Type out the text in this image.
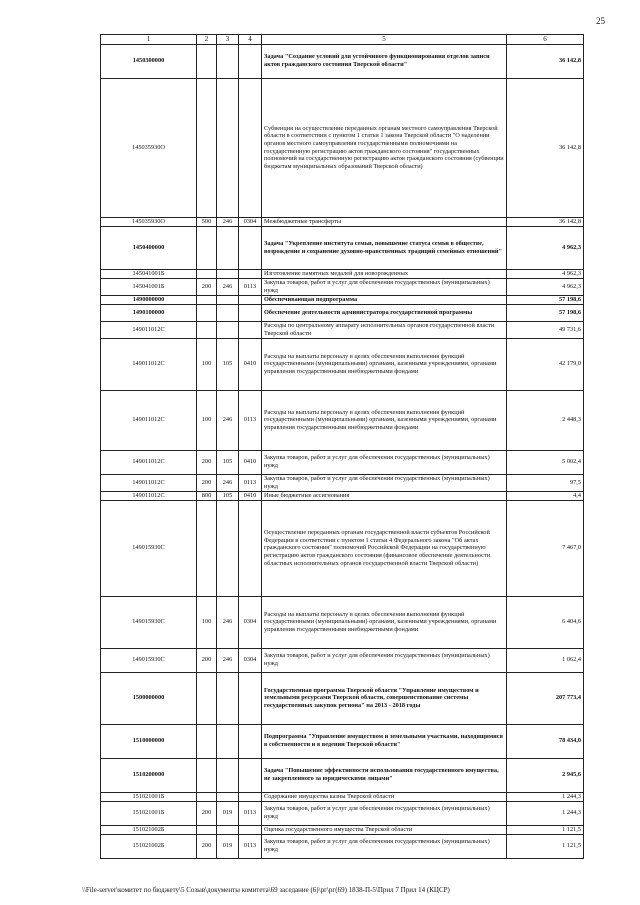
25
1	2	3	4	5	6
1450300000				Задача "Создание условий для устойчивого функционирования отделов записи актов гражданского состояния Тверской области"	36 142,8
145035930О				Субвенция на осуществление переданных органам местного самоуправления Тверской области в соответствии с пунктом 1 статьи 1 закона Тверской области "О наделении органов местного самоуправления государственными полномочиями на государственную регистрацию актов гражданского состояния" государственных полномочий на государственную регистрацию актов гражданского состояния (субвенции бюджетам муниципальных образований Тверской области)	36 142,8
145035930О	500	246	0304	Межбюджетные трансферты	36 142,8
1450400000				Задача "Укрепление института семьи, повышение статуса семьи в обществе, возрождение и сохранение духовно-нравственных традиций семейных отношений"	4 962,3
145041001Б				Изготовление памятных медалей для новорожденных	4 962,3
145041001Б	200	246	0113	Закупка товаров, работ и услуг для обеспечения государственных (муниципальных) нужд	4 962,3
1490000000				Обеспечивающая подпрограмма	57 198,6
1490100000				Обеспечение деятельности администратора государственной программы	57 198,6
149011012С				Расходы по центральному аппарату исполнительных органов государственной власти Тверской области	49 731,6
149011012С	100	105	0410	Расходы на выплаты персоналу в целях обеспечения выполнения функций государственными (муниципальными) органами, казенными учреждениями, органами управления государственными внебюджетными фондами	42 179,0
149011012С	100	246	0113	Расходы на выплаты персоналу в целях обеспечения выполнения функций государственными (муниципальными) органами, казенными учреждениями, органами управления государственными внебюджетными фондами	2 448,3
149011012С	200	105	0410	Закупка товаров, работ и услуг для обеспечения государственных (муниципальных) нужд	5 002,4
149011012С	200	246	0113	Закупка товаров, работ и услуг для обеспечения государственных (муниципальных) нужд	97,5
149011012С	800	105	0410	Иные бюджетные ассигнования	4,4
149015930С				Осуществление переданных органам государственной власти субъектов Российской Федерации в соответствии с пунктом 1 статьи 4 Федерального закона "Об актах гражданского состояния" полномочий Российской Федерации на государственную регистрацию актов гражданского состояния (финансовое обеспечение деятельности областных исполнительных органов государственной власти Тверской области)	7 467,0
149015930С	100	246	0304	Расходы на выплаты персоналу в целях обеспечения выполнения функций государственными (муниципальными) органами, казенными учреждениями, органами управления государственными внебюджетными фондами	6 404,6
149015930С	200	246	0304	Закупка товаров, работ и услуг для обеспечения государственных (муниципальных) нужд	1 062,4
1500000000				Государственная программа Тверской области "Управление имуществом и земельными ресурсами Тверской области, совершенствование системы государственных закупок региона" на 2013 - 2018 годы	207 773,4
1510000000				Подпрограмма "Управление имуществом и земельными участками, находящимися в собственности и в ведении Тверской области"	78 434,0
1510200000				Задача "Повышение эффективности использования государственного имущества, не закрепленного за юридическими лицами"	2 945,6
151021001Б				Содержание имущества казны Тверской области	1 244,3
151021001Б	200	019	0113	Закупка товаров, работ и услуг для обеспечения государственных (муниципальных) нужд	1 244,3
151021002Б				Оценка государственного имущества Тверской области	1 121,5
151021002Б	200	019	0113	Закупка товаров, работ и услуг для обеспечения государственных (муниципальных) нужд	1 121,5
\\File-server\комитет по бюджету\5 Созыв\документы комитета\69 заседание (6)\рг\рг(69) 1838-П-5\Прил 7 Прил 14 (КЦСР)
